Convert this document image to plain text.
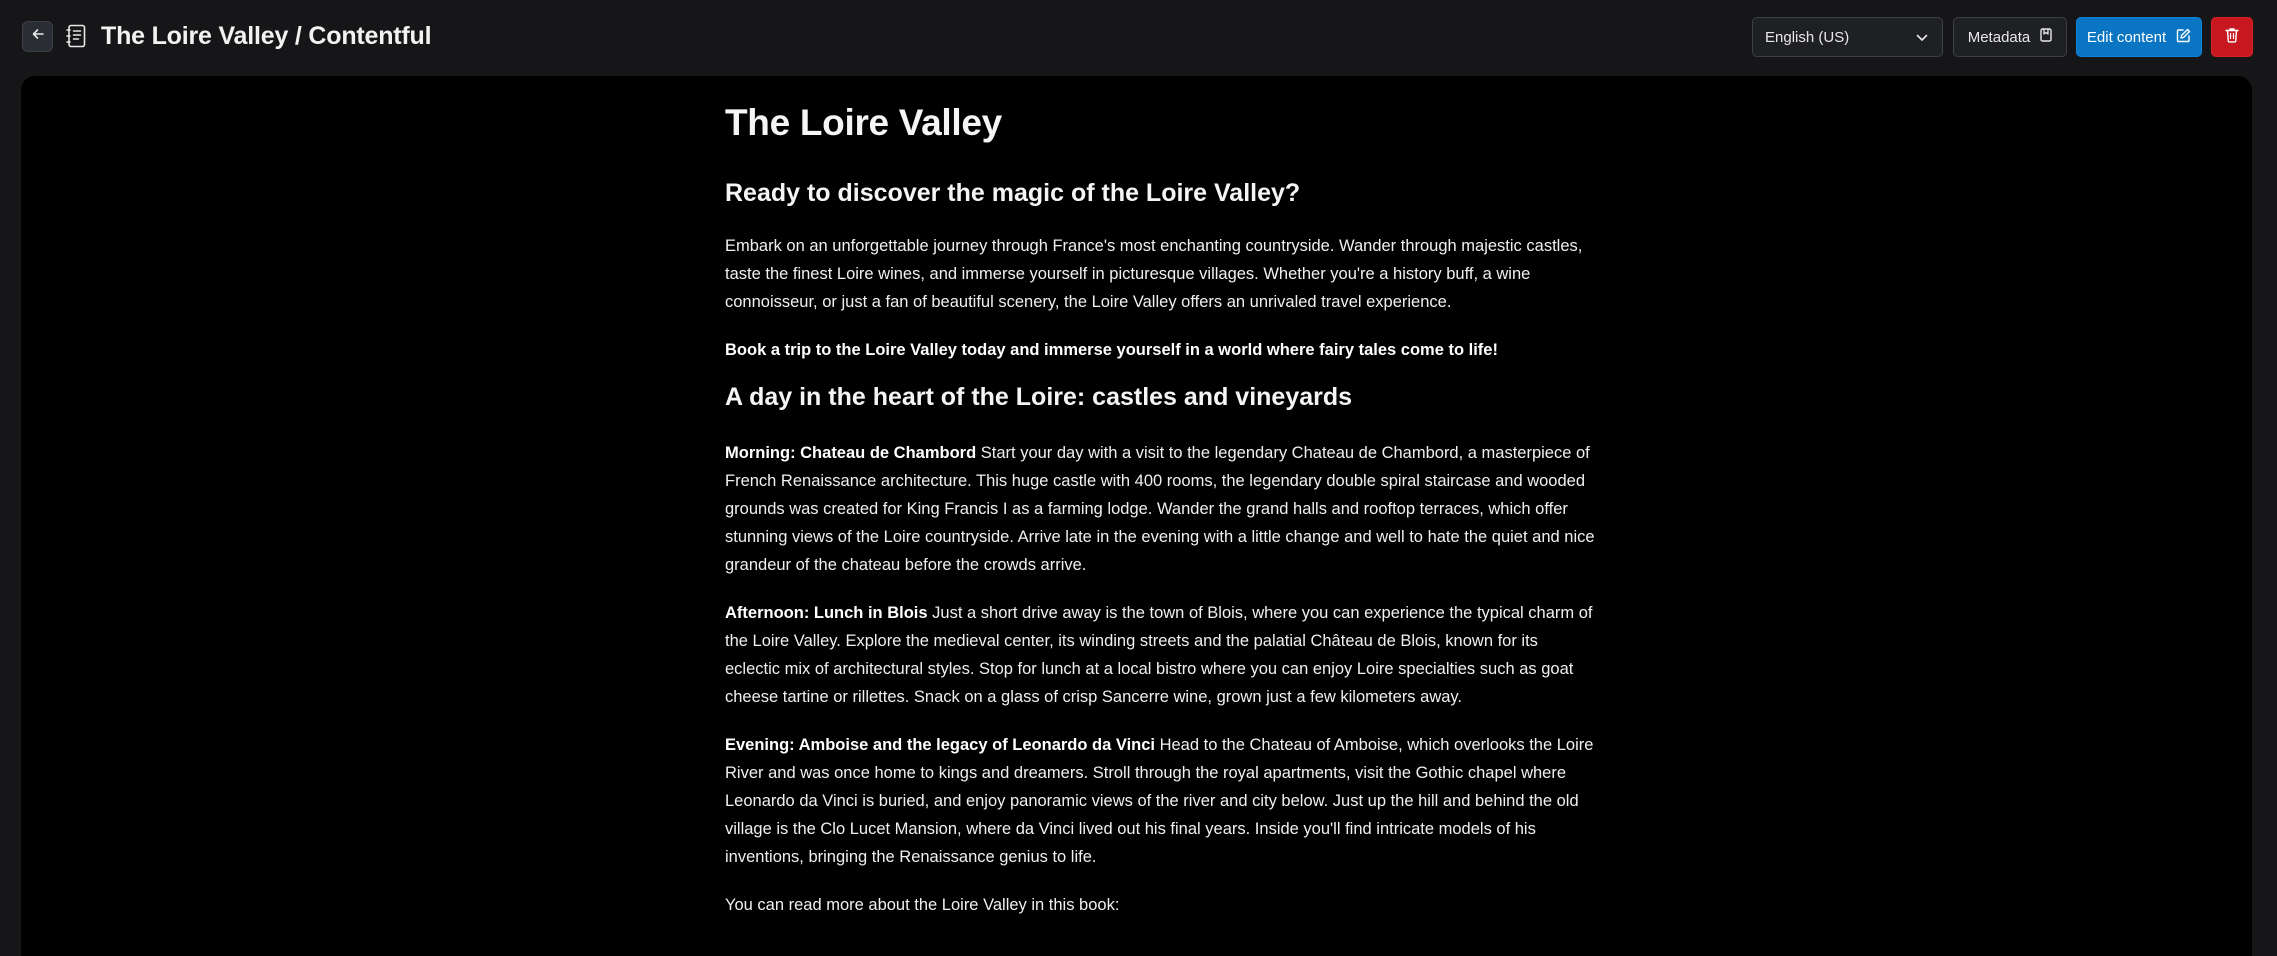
The Loire Valley / Contentful	English (US)	Metadata	Edit content
The Loire Valley
Ready to discover the magic of the Loire Valley?

Embark on an unforgettable journey through France's most enchanting countryside. Wander through majestic castles, taste the finest Loire wines, and immerse yourself in picturesque villages. Whether you're a history buff, a wine connoisseur, or just a fan of beautiful scenery, the Loire Valley offers an unrivaled travel experience.

Book a trip to the Loire Valley today and immerse yourself in a world where fairy tales come to life!

A day in the heart of the Loire: castles and vineyards

Morning: Chateau de Chambord Start your day with a visit to the legendary Chateau de Chambord, a masterpiece of French Renaissance architecture. This huge castle with 400 rooms, the legendary double spiral staircase and wooded grounds was created for King Francis I as a farming lodge. Wander the grand halls and rooftop terraces, which offer stunning views of the Loire countryside. Arrive late in the evening with a little change and well to hate the quiet and nice grandeur of the chateau before the crowds arrive.

Afternoon: Lunch in Blois Just a short drive away is the town of Blois, where you can experience the typical charm of the Loire Valley. Explore the medieval center, its winding streets and the palatial Château de Blois, known for its eclectic mix of architectural styles. Stop for lunch at a local bistro where you can enjoy Loire specialties such as goat cheese tartine or rillettes. Snack on a glass of crisp Sancerre wine, grown just a few kilometers away.

Evening: Amboise and the legacy of Leonardo da Vinci Head to the Chateau of Amboise, which overlooks the Loire River and was once home to kings and dreamers. Stroll through the royal apartments, visit the Gothic chapel where Leonardo da Vinci is buried, and enjoy panoramic views of the river and city below. Just up the hill and behind the old village is the Clo Lucet Mansion, where da Vinci lived out his final years. Inside you'll find intricate models of his inventions, bringing the Renaissance genius to life.

You can read more about the Loire Valley in this book:
